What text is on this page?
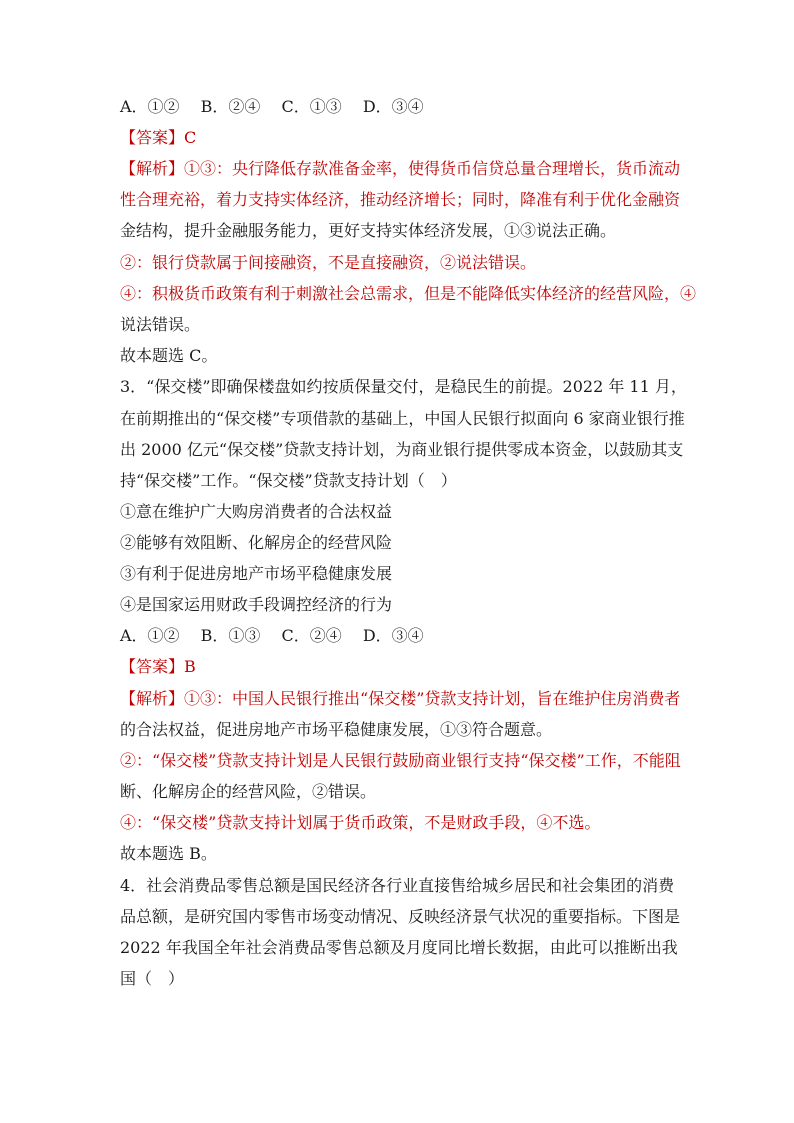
A．①②　 B．②④　 C．①③　 D．③④
【答案】C
【解析】①③：央行降低存款准备金率，使得货币信贷总量合理增长，货币流动
性合理充裕，着力支持实体经济，推动经济增长；同时，降准有利于优化金融资
金结构，提升金融服务能力，更好支持实体经济发展，①③说法正确。
②：银行贷款属于间接融资，不是直接融资，②说法错误。
④：积极货币政策有利于刺激社会总需求，但是不能降低实体经济的经营风险，④
说法错误。
故本题选 C。
3．“保交楼”即确保楼盘如约按质保量交付，是稳民生的前提。2022 年 11 月，
在前期推出的“保交楼”专项借款的基础上，中国人民银行拟面向 6 家商业银行推
出 2000 亿元“保交楼”贷款支持计划，为商业银行提供零成本资金，以鼓励其支
持“保交楼”工作。“保交楼”贷款支持计划（　）
①意在维护广大购房消费者的合法权益
②能够有效阻断、化解房企的经营风险
③有利于促进房地产市场平稳健康发展
④是国家运用财政手段调控经济的行为
A．①②　 B．①③　 C．②④　 D．③④
【答案】B
【解析】①③：中国人民银行推出“保交楼”贷款支持计划，旨在维护住房消费者
的合法权益，促进房地产市场平稳健康发展，①③符合题意。
②：“保交楼”贷款支持计划是人民银行鼓励商业银行支持“保交楼”工作，不能阻
断、化解房企的经营风险，②错误。
④：“保交楼”贷款支持计划属于货币政策，不是财政手段，④不选。
故本题选 B。
4．社会消费品零售总额是国民经济各行业直接售给城乡居民和社会集团的消费
品总额，是研究国内零售市场变动情况、反映经济景气状况的重要指标。下图是
2022 年我国全年社会消费品零售总额及月度同比增长数据，由此可以推断出我
国（　）
